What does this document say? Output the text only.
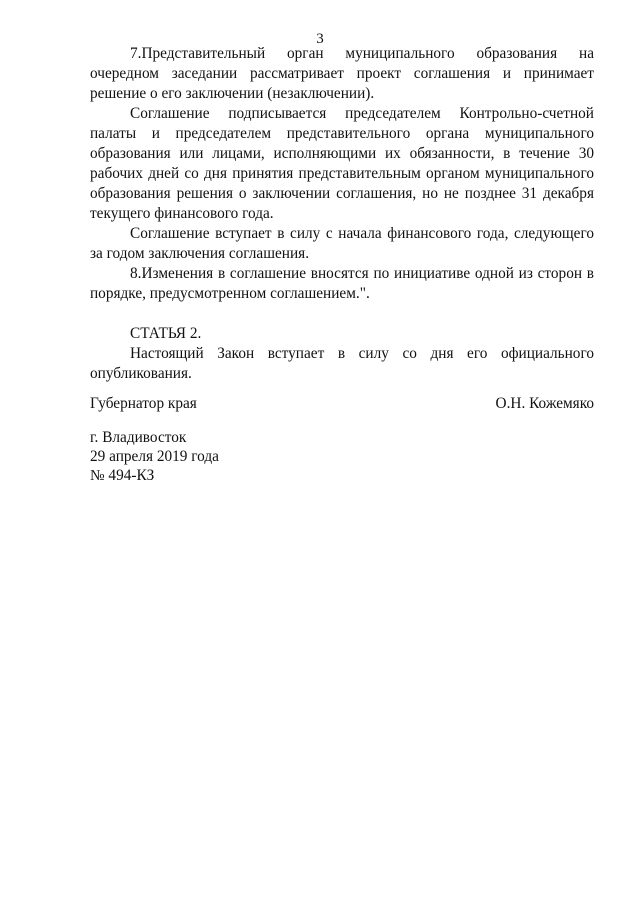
3

7.Представительный орган муниципального образования на очередном заседании рассматривает проект соглашения и принимает решение о его заключении (незаключении).

Соглашение подписывается председателем Контрольно-счетной палаты и председателем представительного органа муниципального образования или лицами, исполняющими их обязанности, в течение 30 рабочих дней со дня принятия представительным органом муниципального образования решения о заключении соглашения, но не позднее 31 декабря текущего финансового года.

Соглашение вступает в силу с начала финансового года, следующего за годом заключения соглашения.

8.Изменения в соглашение вносятся по инициативе одной из сторон в порядке, предусмотренном соглашением.".

СТАТЬЯ 2.

Настоящий Закон вступает в силу со дня его официального опубликования.

Губернатор края	О.Н. Кожемяко
г. Владивосток
29 апреля 2019 года
№ 494-КЗ
